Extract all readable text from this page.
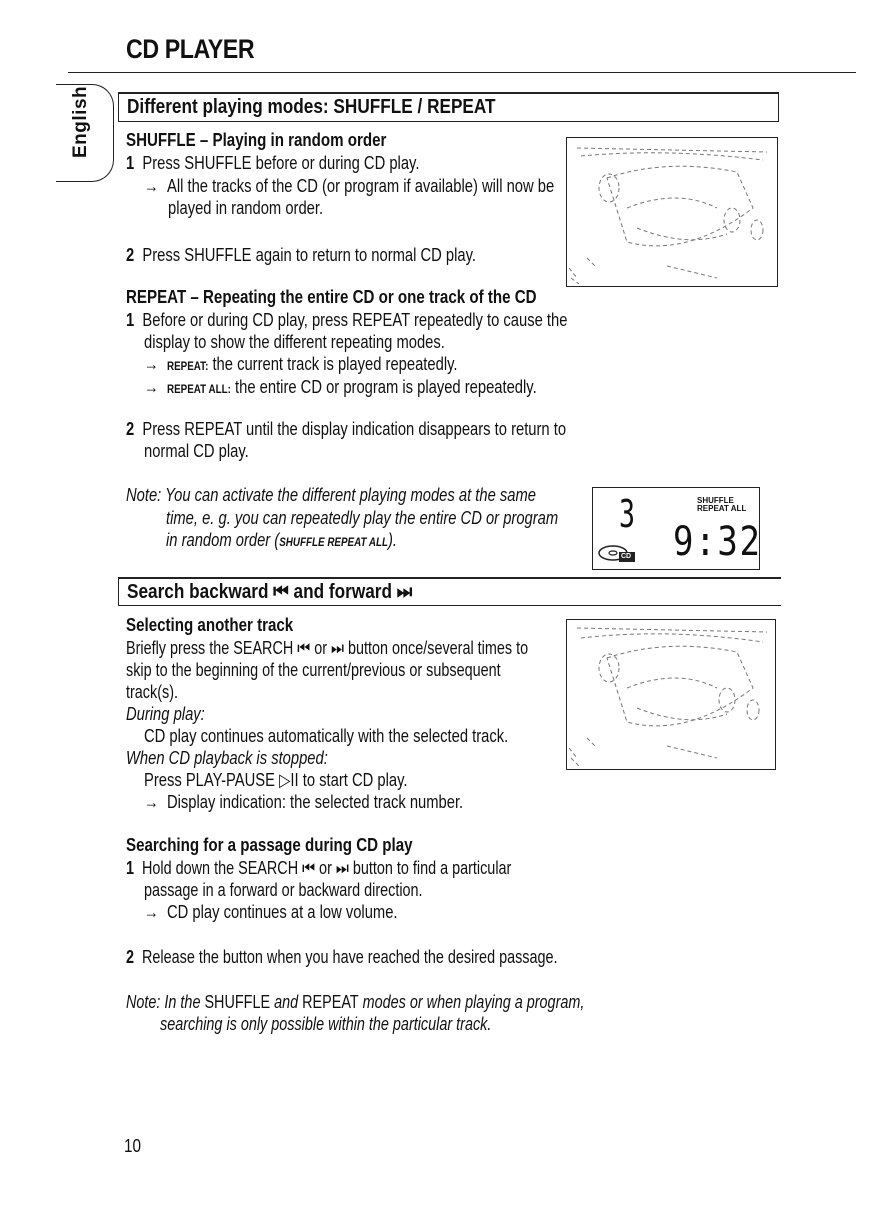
CD PLAYER
English Different playing modes: SHUFFLE / REPEAT
SHUFFLE – Playing in random order
1 Press SHUFFLE before or during CD play.
→ All the tracks of the CD (or program if available) will now be
played in random order.
2 Press SHUFFLE again to return to normal CD play.
REPEAT – Repeating the entire CD or one track of the CD
1 Before or during CD play, press REPEAT repeatedly to cause the
display to show the different repeating modes.
→ REPEAT: the current track is played repeatedly.
→ REPEAT ALL: the entire CD or program is played repeatedly.
2 Press REPEAT until the display indication disappears to return to
normal CD play.
Note: You can activate the different playing modes at the same
time, e. g. you can repeatedly play the entire CD or program
in random order (SHUFFLE REPEAT ALL).
3	SHUFFLE
REPEAT ALL
9:32
CD
Search backward ⏮ and forward ⏭
Selecting another track
Briefly press the SEARCH ⏮ or ⏭ button once/several times to
skip to the beginning of the current/previous or subsequent
track(s).
During play:
CD play continues automatically with the selected track.
When CD playback is stopped:
Press PLAY-PAUSE ▷II to start CD play.
→ Display indication: the selected track number.
Searching for a passage during CD play
1 Hold down the SEARCH ⏮ or ⏭ button to find a particular
passage in a forward or backward direction.
→ CD play continues at a low volume.
2 Release the button when you have reached the desired passage.
Note: In the SHUFFLE and REPEAT modes or when playing a program,
searching is only possible within the particular track.
10
